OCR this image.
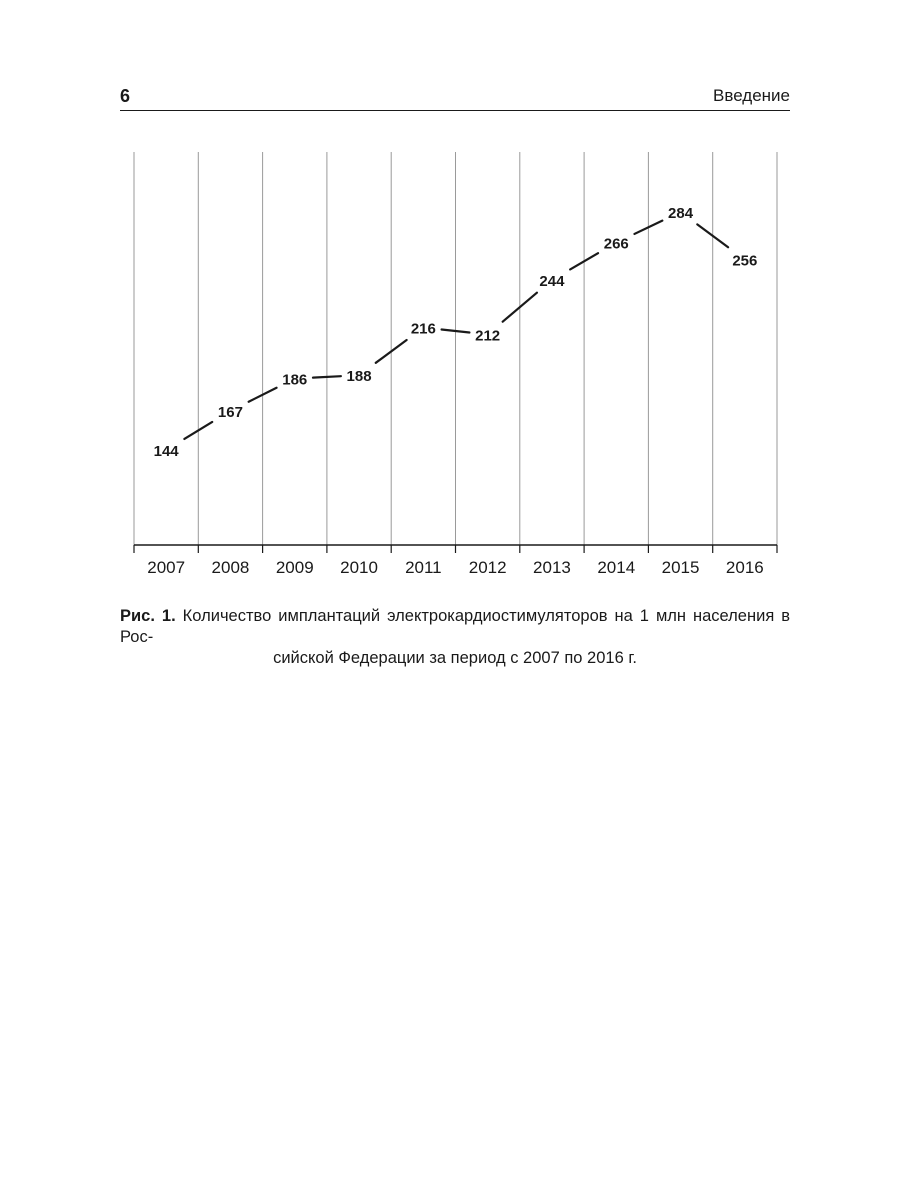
6	Введение
2007 2008 2009 2010 2011 2012 2013 2014 2015 2016
144
167
186	188
216	212
244
266
284
256
Рис. 1. Количество имплантаций электрокардиостимуляторов на 1 млн населения в Рос-
сийской Федерации за период с 2007 по 2016 г.
